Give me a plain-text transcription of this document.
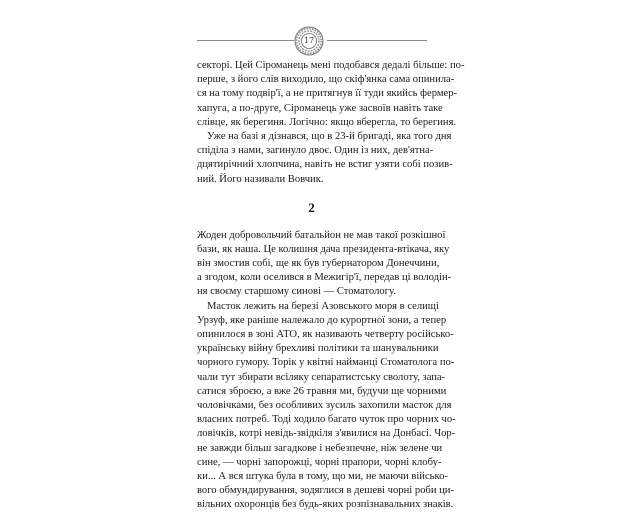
17
секторі. Цей Сіроманець мені подобався дедалі більше: по-
перше, з його слів виходило, що скіф'янка сама опинила-
ся на тому подвір'ї, а не притягнув її туди якийсь фермер-
хапуга, а по-друге, Сіроманець уже засвоїв навіть таке
слівце, як берегиня. Логічно: якщо вберегла, то берегиня.
Уже на базі я дізнався, що в 23-й бригаді, яка того дня
спіділа з нами, загинуло двоє. Один із них, дев'ятна-
дцятирічний хлопчина, навіть не встиг узяти собі позив-
ний. Його називали Вовчик.
2
Жоден добровольчий батальйон не мав такої розкішної
бази, як наша. Це колишня дача президента-втікача, яку
він змостив собі, ще як був губернатором Донеччини,
а згодом, коли оселився в Межигір'ї, передав ці володін-
ня своєму старшому синові — Стоматологу.
Масток лежить на березі Азовського моря в селищі
Урзуф, яке раніше належало до курортної зони, а тепер
опинилося в зоні АТО, як називають четверту російсько-
українську війну брехливі політики та шанувальники
чорного гумору. Торік у квітні найманці Стоматолога по-
чали тут збирати всіляку сепаратистську сволоту, запа-
сатися зброєю, а вже 26 травня ми, будучи ще чорними
чоловічками, без особливих зусиль захопили масток для
власних потреб. Тоді ходило багато чуток про чорних чо-
ловічків, котрі невідь-звідкіля з'явилися на Донбасі. Чор-
не завжди більш загадкове і небезпечне, ніж зелене чи
сине, — чорні запорожці, чорні прапори, чорні клобу-
ки... А вся штука була в тому, що ми, не маючи військо-
вого обмундирування, зодяглися в дешеві чорні роби ци-
вільних охоронців без будь-яких розпізнавальних знаків.
